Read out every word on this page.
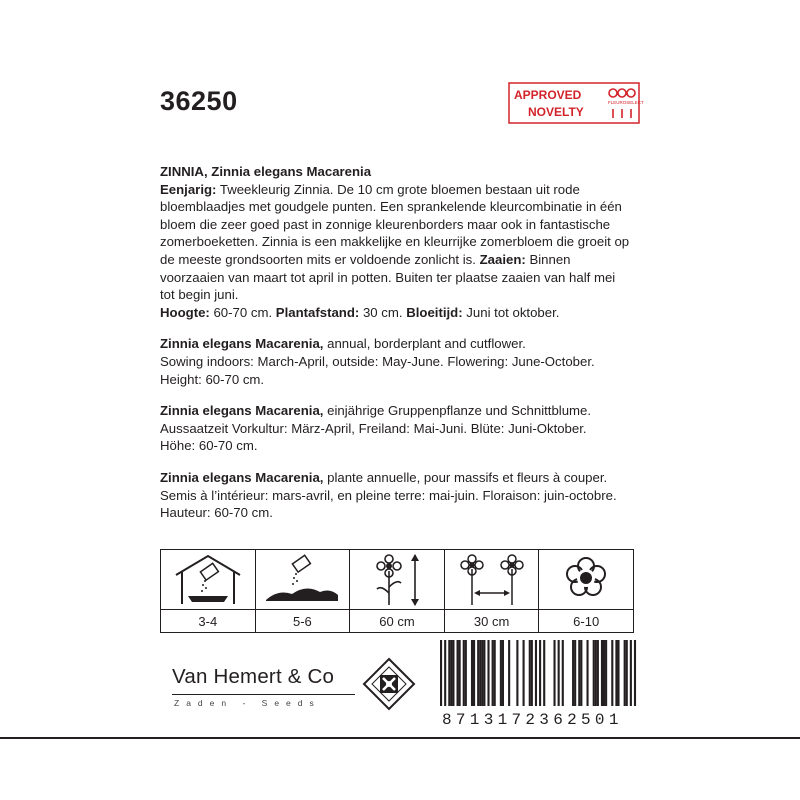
36250	APPROVED
NOVELTY
FLEUROSELECT

ZINNIA, Zinnia elegans Macarenia
Eenjarig: Tweekleurig Zinnia. De 10 cm grote bloemen bestaan uit rode bloemblaadjes met goudgele punten. Een sprankelende kleurcombinatie in één bloem die zeer goed past in zonnige kleurenborders maar ook in fantastische zomerboeketten. Zinnia is een makkelijke en kleurrijke zomerbloem die groeit op de meeste grondsoorten mits er voldoende zonlicht is. Zaaien: Binnen voorzaaien van maart tot april in potten. Buiten ter plaatse zaaien van half mei tot begin juni.
Hoogte: 60-70 cm. Plantafstand: 30 cm. Bloeitijd: Juni tot oktober.

Zinnia elegans Macarenia, annual, borderplant and cutflower.
Sowing indoors: March-April, outside: May-June. Flowering: June-October.
Height: 60-70 cm.

Zinnia elegans Macarenia, einjährige Gruppenpflanze und Schnittblume.
Aussaatzeit Vorkultur: März-April, Freiland: Mai-Juni. Blüte: Juni-Oktober.
Höhe: 60-70 cm.

Zinnia elegans Macarenia, plante annuelle, pour massifs et fleurs à couper.
Semis à l’intérieur: mars-avril, en pleine terre: mai-juin. Floraison: juin-octobre.
Hauteur: 60-70 cm.

3-4	5-6	60 cm	30 cm	6-10
Van Hemert & Co
Zaden - Seeds
8713172362501
